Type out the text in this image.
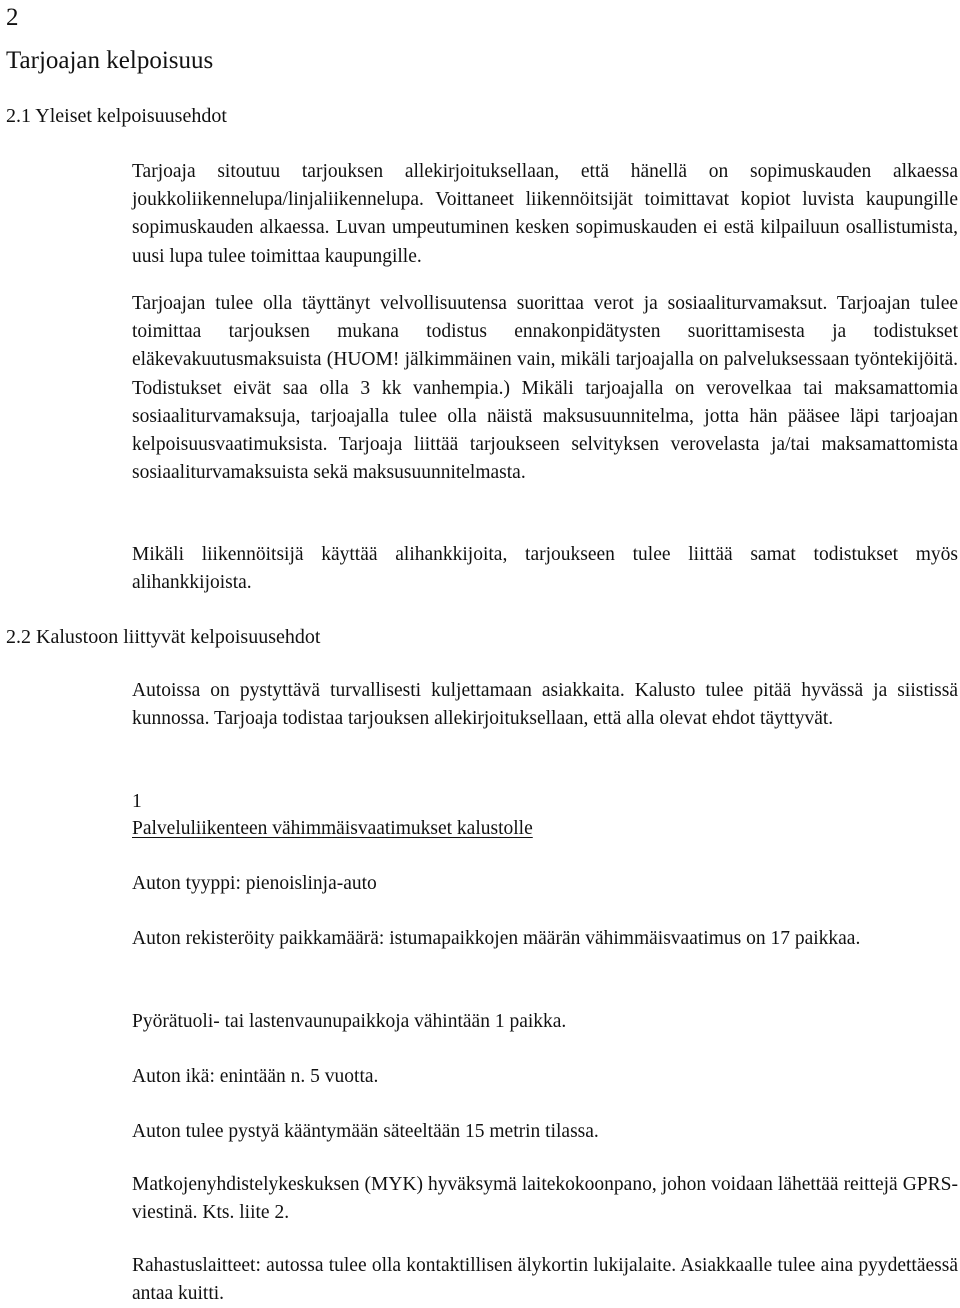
2
Tarjoajan kelpoisuus
2.1 Yleiset kelpoisuusehdot

Tarjoaja sitoutuu tarjouksen allekirjoituksellaan, että hänellä on sopimuskauden alkaessa joukkoliikennelupa/linjaliikennelupa. Voittaneet liikennöitsijät toimittavat kopiot luvista kaupungille sopimuskauden alkaessa. Luvan umpeutuminen kesken sopimuskauden ei estä kilpailuun osallistumista, uusi lupa tulee toimittaa kaupungille.

Tarjoajan tulee olla täyttänyt velvollisuutensa suorittaa verot ja sosiaaliturvamaksut. Tarjoajan tulee toimittaa tarjouksen mukana todistus ennakonpidätysten suorittamisesta ja todistukset eläkevakuutusmaksuista (HUOM! jälkimmäinen vain, mikäli tarjoajalla on palveluksessaan työntekijöitä. Todistukset eivät saa olla 3 kk vanhempia.) Mikäli tarjoajalla on verovelkaa tai maksamattomia sosiaaliturvamaksuja, tarjoajalla tulee olla näistä maksusuunnitelma, jotta hän pääsee läpi tarjoajan kelpoisuusvaatimuksista. Tarjoaja liittää tarjoukseen selvityksen verovelasta ja/tai maksamattomista sosiaaliturvamaksuista sekä maksusuunnitelmasta.

Mikäli liikennöitsijä käyttää alihankkijoita, tarjoukseen tulee liittää samat todistukset myös alihankkijoista.

2.2 Kalustoon liittyvät kelpoisuusehdot

Autoissa on pystyttävä turvallisesti kuljettamaan asiakkaita. Kalusto tulee pitää hyvässä ja siistissä kunnossa. Tarjoaja todistaa tarjouksen allekirjoituksellaan, että alla olevat ehdot täyttyvät.

1

Palveluliikenteen vähimmäisvaatimukset kalustolle

Auton tyyppi: pienoislinja-auto

Auton rekisteröity paikkamäärä: istumapaikkojen määrän vähimmäisvaatimus on 17 paikkaa.

Pyörätuoli- tai lastenvaunupaikkoja vähintään 1 paikka.

Auton ikä: enintään n. 5 vuotta.

Auton tulee pystyä kääntymään säteeltään 15 metrin tilassa.

Matkojenyhdistelykeskuksen (MYK) hyväksymä laitekokoonpano, johon voidaan lähettää reittejä GPRS-viestinä. Kts. liite 2.

Rahastuslaitteet: autossa tulee olla kontaktillisen älykortin lukijalaite. Asiakkaalle tulee aina pyydettäessä antaa kuitti.
